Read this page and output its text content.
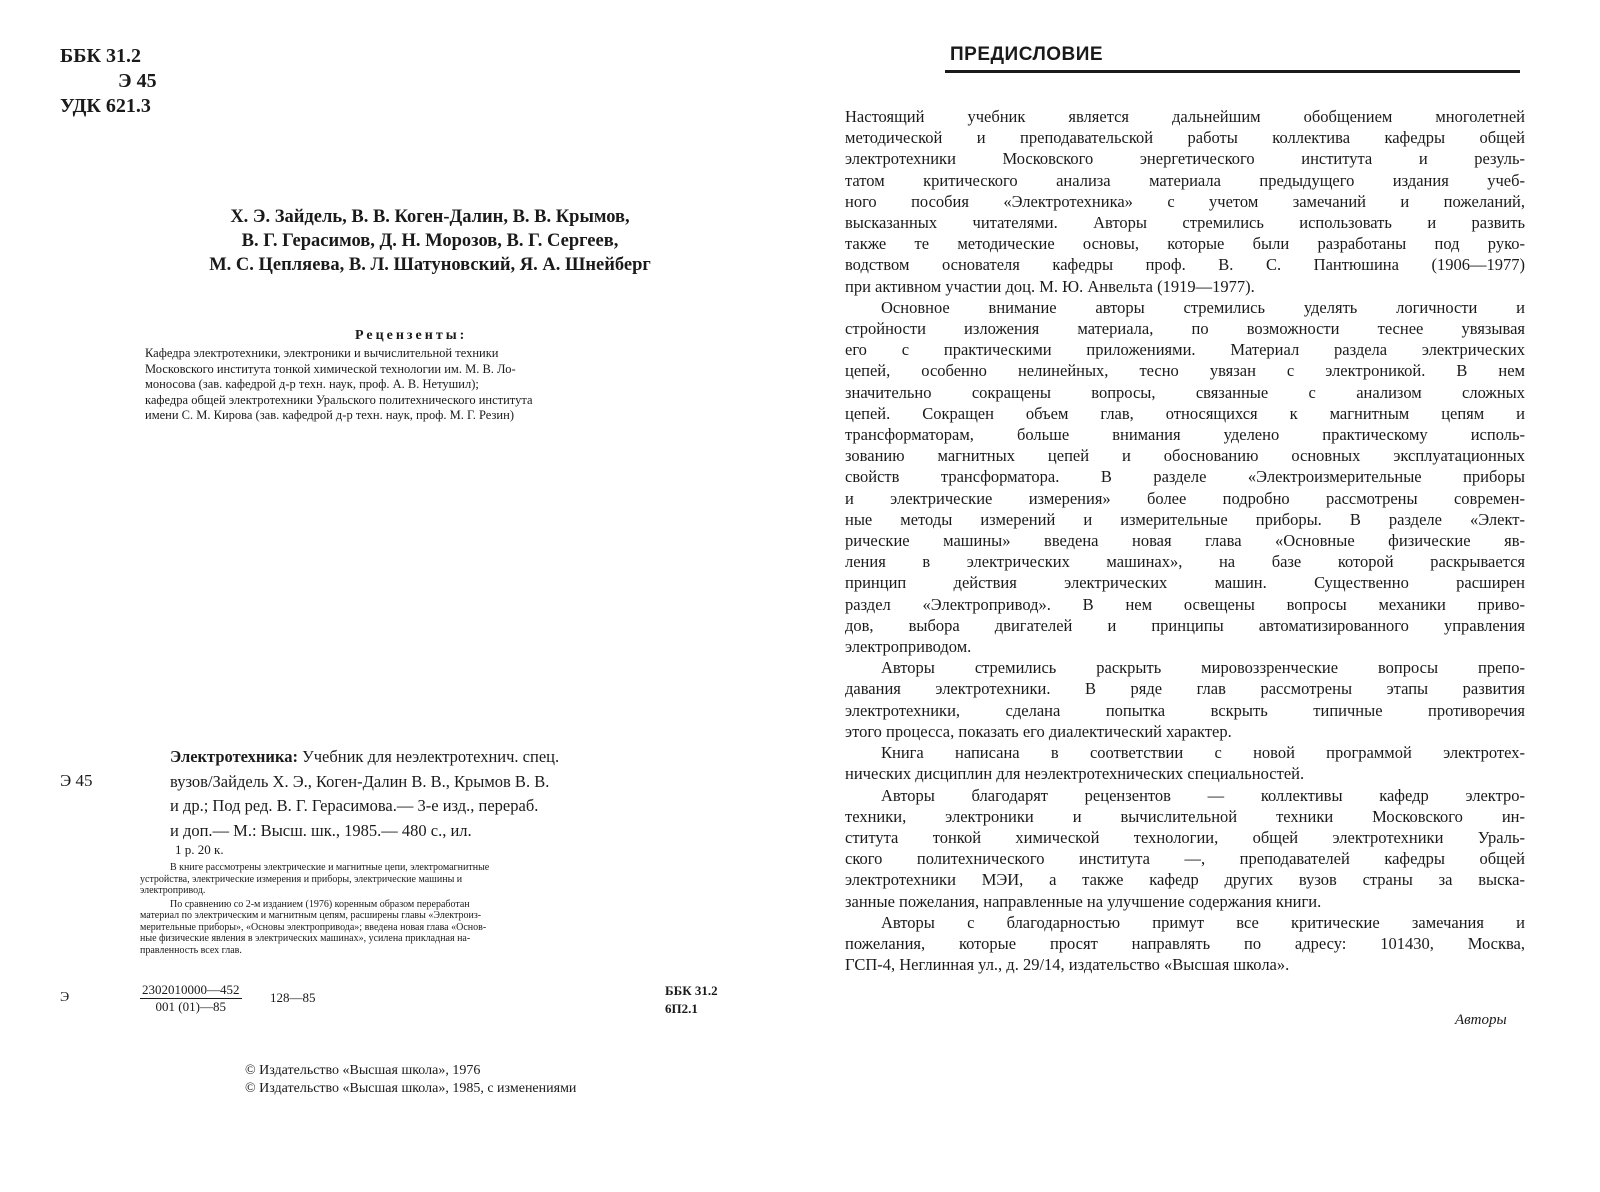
ББК 31.2
Э 45
УДК 621.3
Х. Э. Зайдель, В. В. Коген-Далин, В. В. Крымов,
В. Г. Герасимов, Д. Н. Морозов, В. Г. Сергеев,
М. С. Цепляева, В. Л. Шатуновский, Я. А. Шнейберг
Рецензенты:
Кафедра электротехники, электроники и вычислительной техники
Московского института тонкой химической технологии им. М. В. Ло-
моносова (зав. кафедрой д-р техн. наук, проф. А. В. Нетушил);
кафедра общей электротехники Уральского политехнического института
имени С. М. Кирова (зав. кафедрой д-р техн. наук, проф. М. Г. Резин)
Э 45
Электротехника: Учебник для неэлектротехнич. спец.
вузов/Зайдель Х. Э., Коген-Далин В. В., Крымов В. В.
и др.; Под ред. В. Г. Герасимова.— 3-е изд., перераб.
и доп.— М.: Высш. шк., 1985.— 480 с., ил.
1 р. 20 к.

В книге рассмотрены электрические и магнитные цепи, электромагнитные
устройства, электрические измерения и приборы, электрические машины и
электропривод.

По сравнению со 2-м изданием (1976) коренным образом переработан
материал по электрическим и магнитным цепям, расширены главы «Электроиз-
мерительные приборы», «Основы электропривода»; введена новая глава «Основ-
ные физические явления в электрических машинах», усилена прикладная на-
правленность всех глав.

Э	$\frac{2302010000—452}{001 (01)—85}$ 128—85	ББК 31.2
6П2.1
© Издательство «Высшая школа», 1976
© Издательство «Высшая школа», 1985, с изменениями
ПРЕДИСЛОВИЕ
Настоящий учебник является дальнейшим обобщением многолетней
методической и преподавательской работы коллектива кафедры общей
электротехники Московского энергетического института и резуль-
татом критического анализа материала предыдущего издания учеб-
ного пособия «Электротехника» с учетом замечаний и пожеланий,
высказанных читателями. Авторы стремились использовать и развить
также те методические основы, которые были разработаны под руко-
водством основателя кафедры проф. В. С. Пантюшина (1906—1977)
при активном участии доц. М. Ю. Анвельта (1919—1977).
Основное внимание авторы стремились уделять логичности и
стройности изложения материала, по возможности теснее увязывая
его с практическими приложениями. Материал раздела электрических
цепей, особенно нелинейных, тесно увязан с электроникой. В нем
значительно сокращены вопросы, связанные с анализом сложных
цепей. Сокращен объем глав, относящихся к магнитным цепям и
трансформаторам, больше внимания уделено практическому исполь-
зованию магнитных цепей и обоснованию основных эксплуатационных
свойств трансформатора. В разделе «Электроизмерительные приборы
и электрические измерения» более подробно рассмотрены современ-
ные методы измерений и измерительные приборы. В разделе «Элект-
рические машины» введена новая глава «Основные физические яв-
ления в электрических машинах», на базе которой раскрывается
принцип действия электрических машин. Существенно расширен
раздел «Электропривод». В нем освещены вопросы механики приво-
дов, выбора двигателей и принципы автоматизированного управления
электроприводом.
Авторы стремились раскрыть мировоззренческие вопросы препо-
давания электротехники. В ряде глав рассмотрены этапы развития
электротехники, сделана попытка вскрыть типичные противоречия
этого процесса, показать его диалектический характер.
Книга написана в соответствии с новой программой электротех-
нических дисциплин для неэлектротехнических специальностей.
Авторы благодарят рецензентов — коллективы кафедр электро-
техники, электроники и вычислительной техники Московского ин-
ститута тонкой химической технологии, общей электротехники Ураль-
ского политехнического института —, преподавателей кафедры общей
электротехники МЭИ, а также кафедр других вузов страны за выска-
занные пожелания, направленные на улучшение содержания книги.
Авторы с благодарностью примут все критические замечания и
пожелания, которые просят направлять по адресу: 101430, Москва,
ГСП-4, Неглинная ул., д. 29/14, издательство «Высшая школа».
Авторы
